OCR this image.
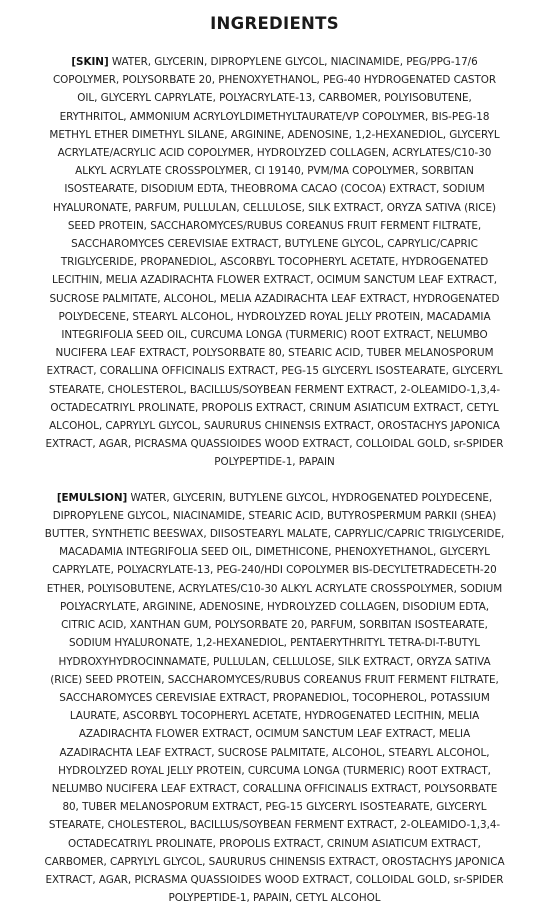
INGREDIENTS

[SKIN] WATER, GLYCERIN, DIPROPYLENE GLYCOL, NIACINAMIDE, PEG/PPG-17/6 COPOLYMER, POLYSORBATE 20, PHENOXYETHANOL, PEG-40 HYDROGENATED CASTOR OIL, GLYCERYL CAPRYLATE, POLYACRYLATE-13, CARBOMER, POLYISOBUTENE, ERYTHRITOL, AMMONIUM ACRYLOYLDIMETHYLTAURATE/VP COPOLYMER, BIS-PEG-18 METHYL ETHER DIMETHYL SILANE, ARGININE, ADENOSINE, 1,2-HEXANEDIOL, GLYCERYL ACRYLATE/ACRYLIC ACID COPOLYMER, HYDROLYZED COLLAGEN, ACRYLATES/C10-30 ALKYL ACRYLATE CROSSPOLYMER, CI 19140, PVM/MA COPOLYMER, SORBITAN ISOSTEARATE, DISODIUM EDTA, THEOBROMA CACAO (COCOA) EXTRACT, SODIUM HYALURONATE, PARFUM, PULLULAN, CELLULOSE, SILK EXTRACT, ORYZA SATIVA (RICE) SEED PROTEIN, SACCHAROMYCES/RUBUS COREANUS FRUIT FERMENT FILTRATE, SACCHAROMYCES CEREVISIAE EXTRACT, BUTYLENE GLYCOL, CAPRYLIC/CAPRIC TRIGLYCERIDE, PROPANEDIOL, ASCORBYL TOCOPHERYL ACETATE, HYDROGENATED LECITHIN, MELIA AZADIRACHTA FLOWER EXTRACT, OCIMUM SANCTUM LEAF EXTRACT, SUCROSE PALMITATE, ALCOHOL, MELIA AZADIRACHTA LEAF EXTRACT, HYDROGENATED POLYDECENE, STEARYL ALCOHOL, HYDROLYZED ROYAL JELLY PROTEIN, MACADAMIA INTEGRIFOLIA SEED OIL, CURCUMA LONGA (TURMERIC) ROOT EXTRACT, NELUMBO NUCIFERA LEAF EXTRACT, POLYSORBATE 80, STEARIC ACID, TUBER MELANOSPORUM EXTRACT, CORALLINA OFFICINALIS EXTRACT, PEG-15 GLYCERYL ISOSTEARATE, GLYCERYL STEARATE, CHOLESTEROL, BACILLUS/SOYBEAN FERMENT EXTRACT, 2-OLEAMIDO-1,3,4-OCTADECATRIYL PROLINATE, PROPOLIS EXTRACT, CRINUM ASIATICUM EXTRACT, CETYL ALCOHOL, CAPRYLYL GLYCOL, SAURURUS CHINENSIS EXTRACT, OROSTACHYS JAPONICA EXTRACT, AGAR, PICRASMA QUASSIOIDES WOOD EXTRACT, COLLOIDAL GOLD, sr-SPIDER POLYPEPTIDE-1, PAPAIN

[EMULSION] WATER, GLYCERIN, BUTYLENE GLYCOL, HYDROGENATED POLYDECENE, DIPROPYLENE GLYCOL, NIACINAMIDE, STEARIC ACID, BUTYROSPERMUM PARKII (SHEA) BUTTER, SYNTHETIC BEESWAX, DIISOSTEARYL MALATE, CAPRYLIC/CAPRIC TRIGLYCERIDE, MACADAMIA INTEGRIFOLIA SEED OIL, DIMETHICONE, PHENOXYETHANOL, GLYCERYL CAPRYLATE, POLYACRYLATE-13, PEG-240/HDI COPOLYMER BIS-DECYLTETRADECETH-20 ETHER, POLYISOBUTENE, ACRYLATES/C10-30 ALKYL ACRYLATE CROSSPOLYMER, SODIUM POLYACRYLATE, ARGININE, ADENOSINE, HYDROLYZED COLLAGEN, DISODIUM EDTA, CITRIC ACID, XANTHAN GUM, POLYSORBATE 20, PARFUM, SORBITAN ISOSTEARATE, SODIUM HYALURONATE, 1,2-HEXANEDIOL, PENTAERYTHRITYL TETRA-DI-T-BUTYL HYDROXYHYDROCINNAMATE, PULLULAN, CELLULOSE, SILK EXTRACT, ORYZA SATIVA (RICE) SEED PROTEIN, SACCHAROMYCES/RUBUS COREANUS FRUIT FERMENT FILTRATE, SACCHAROMYCES CEREVISIAE EXTRACT, PROPANEDIOL, TOCOPHEROL, POTASSIUM LAURATE, ASCORBYL TOCOPHERYL ACETATE, HYDROGENATED LECITHIN, MELIA AZADIRACHTA FLOWER EXTRACT, OCIMUM SANCTUM LEAF EXTRACT, MELIA AZADIRACHTA LEAF EXTRACT, SUCROSE PALMITATE, ALCOHOL, STEARYL ALCOHOL, HYDROLYZED ROYAL JELLY PROTEIN, CURCUMA LONGA (TURMERIC) ROOT EXTRACT, NELUMBO NUCIFERA LEAF EXTRACT, CORALLINA OFFICINALIS EXTRACT, POLYSORBATE 80, TUBER MELANOSPORUM EXTRACT, PEG-15 GLYCERYL ISOSTEARATE, GLYCERYL STEARATE, CHOLESTEROL, BACILLUS/SOYBEAN FERMENT EXTRACT, 2-OLEAMIDO-1,3,4-OCTADECATRIYL PROLINATE, PROPOLIS EXTRACT, CRINUM ASIATICUM EXTRACT, CARBOMER, CAPRYLYL GLYCOL, SAURURUS CHINENSIS EXTRACT, OROSTACHYS JAPONICA EXTRACT, AGAR, PICRASMA QUASSIOIDES WOOD EXTRACT, COLLOIDAL GOLD, sr-SPIDER POLYPEPTIDE-1, PAPAIN, CETYL ALCOHOL
